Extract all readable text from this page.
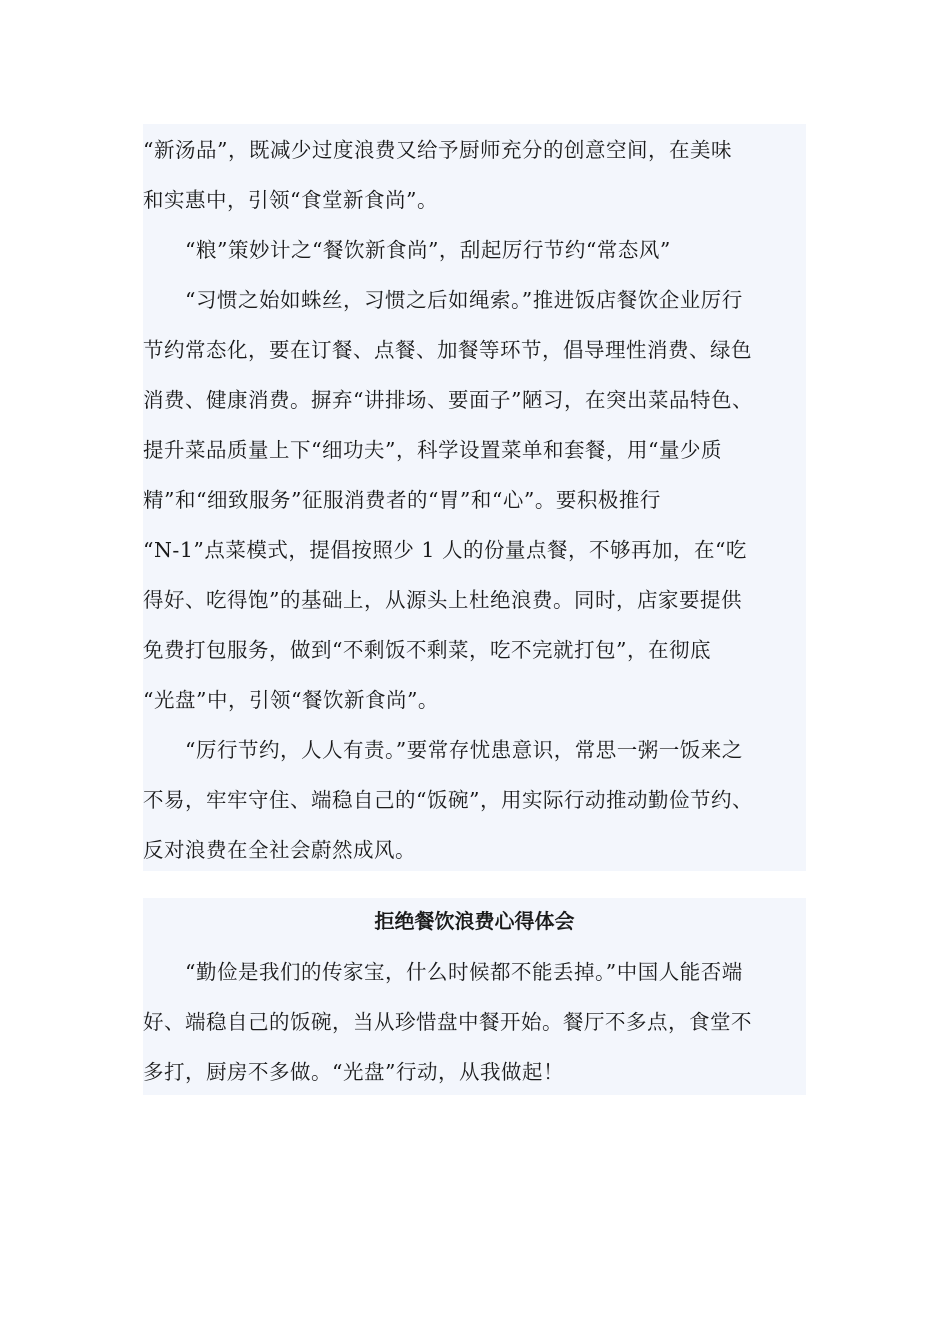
“新汤品”，既减少过度浪费又给予厨师充分的创意空间，在美味
和实惠中，引领“食堂新食尚”。
　　“粮”策妙计之“餐饮新食尚”，刮起厉行节约“常态风”
　　“习惯之始如蛛丝，习惯之后如绳索。”推进饭店餐饮企业厉行
节约常态化，要在订餐、点餐、加餐等环节，倡导理性消费、绿色
消费、健康消费。摒弃“讲排场、要面子”陋习，在突出菜品特色、
提升菜品质量上下“细功夫”，科学设置菜单和套餐，用“量少质
精”和“细致服务”征服消费者的“胃”和“心”。要积极推行
“N-1”点菜模式，提倡按照少 1 人的份量点餐，不够再加，在“吃
得好、吃得饱”的基础上，从源头上杜绝浪费。同时，店家要提供
免费打包服务，做到“不剩饭不剩菜，吃不完就打包”，在彻底
“光盘”中，引领“餐饮新食尚”。
　　“厉行节约，人人有责。”要常存忧患意识，常思一粥一饭来之
不易，牢牢守住、端稳自己的“饭碗”，用实际行动推动勤俭节约、
反对浪费在全社会蔚然成风。
拒绝餐饮浪费心得体会
　　“勤俭是我们的传家宝，什么时候都不能丢掉。”中国人能否端
好、端稳自己的饭碗，当从珍惜盘中餐开始。餐厅不多点，食堂不
多打，厨房不多做。“光盘”行动，从我做起！
